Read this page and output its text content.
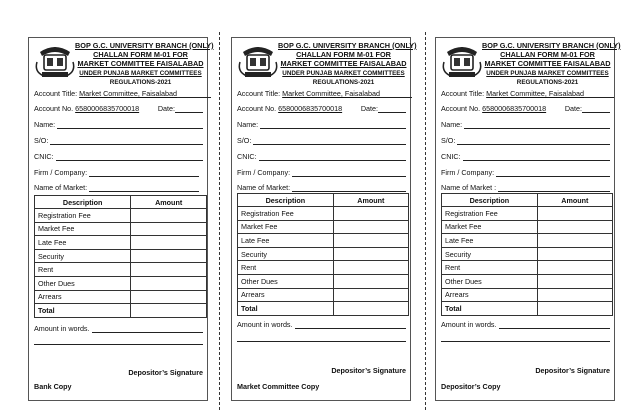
BOP G.C. UNIVERSITY BRANCH (ONLY)
CHALLAN FORM M-01 FOR
MARKET COMMITTEE FAISALABAD
UNDER PUNJAB MARKET COMMITTEES
REGULATIONS-2021
Account Title:
Market Committee, Faisalabad
Account No.
6580006835700018	Date:
Name:
S/O:
CNIC:
Firm / Company:
Name of Market:
Description	Amount
Registration Fee	
Market Fee	
Late Fee	
Security	
Rent	
Other Dues	
Arrears	
Total	
Amount in words.
Depositor’s Signature
Bank Copy
BOP G.C. UNIVERSITY BRANCH (ONLY)
CHALLAN FORM M-01 FOR
MARKET COMMITTEE FAISALABAD
UNDER PUNJAB MARKET COMMITTEES
REGULATIONS-2021
Account Title:
Market Committee, Faisalabad
Account No.
6580006835700018	Date:
Name:
S/O:
CNIC:
Firm / Company:
Name of Market:
Description	Amount
Registration Fee	
Market Fee	
Late Fee	
Security	
Rent	
Other Dues	
Arrears	
Total	
Amount in words.
Depositor’s Signature
Market Committee Copy
BOP G.C. UNIVERSITY BRANCH (ONLY)
CHALLAN FORM M-01 FOR
MARKET COMMITTEE FAISALABAD
UNDER PUNJAB MARKET COMMITTEES
REGULATIONS-2021
Account Title:
Market Committee, Faisalabad
Account No.
6580006835700018	Date:
Name:
S/O:
CNIC:
Firm / Company:
Name of Market :
Description	Amount
Registration Fee	
Market Fee	
Late Fee	
Security	
Rent	
Other Dues	
Arrears	
Total	
Amount in words.
Depositor’s Signature
Depositor’s Copy
